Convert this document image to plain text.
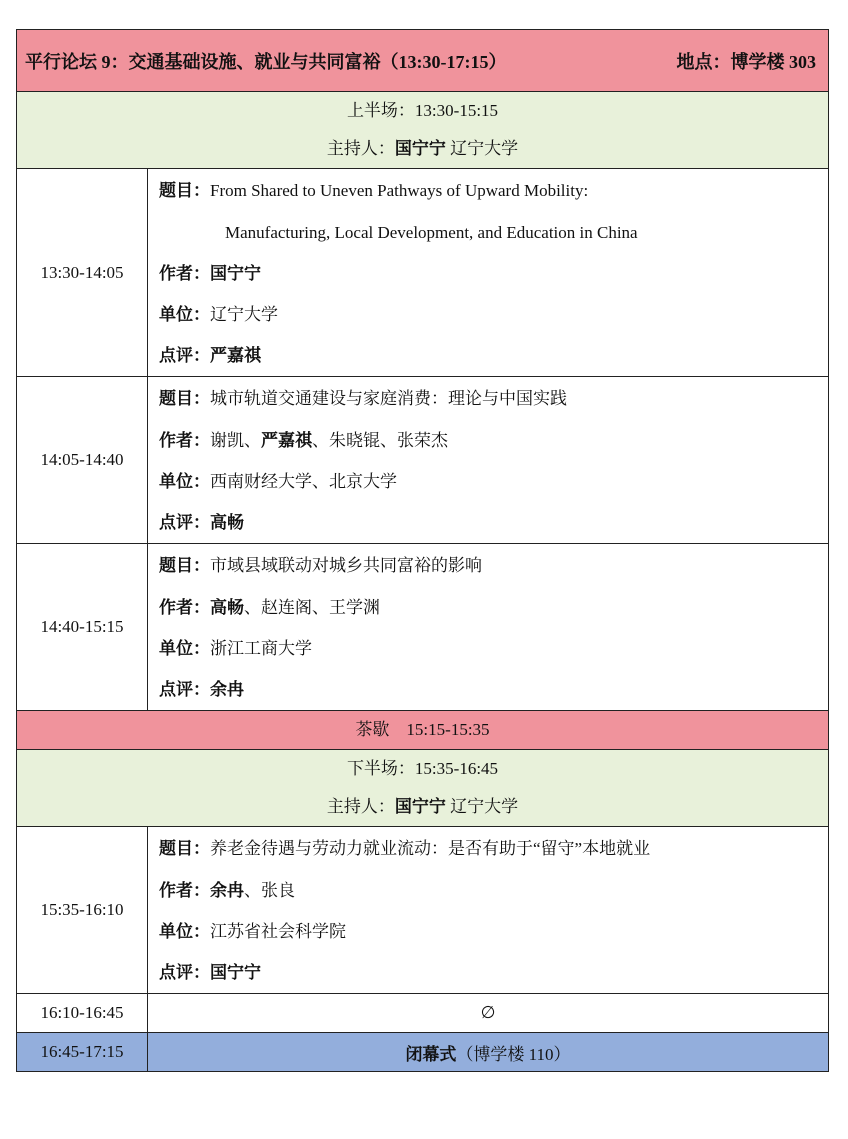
平行论坛 9：交通基础设施、就业与共同富裕（13:30-17:15） 地点：博学楼 303	

上半场：13:30-15:15
主持人：国宁宁 辽宁大学	

13:30-14:05	题目：From Shared to Uneven Pathways of Upward Mobility:
Manufacturing, Local Development, and Education in China
作者：国宁宁
单位：辽宁大学
点评：严嘉祺

14:05-14:40	题目：城市轨道交通建设与家庭消费：理论与中国实践
作者：谢凯、严嘉祺、朱晓锟、张荣杰
单位：西南财经大学、北京大学
点评：高畅

14:40-15:15	题目：市域县域联动对城乡共同富裕的影响
作者：高畅、赵连阁、王学渊
单位：浙江工商大学
点评：余冉

茶歇　15:15-15:35	

下半场：15:35-16:45
主持人：国宁宁 辽宁大学	

15:35-16:10	题目：养老金待遇与劳动力就业流动：是否有助于“留守”本地就业
作者：余冉、张良
单位：江苏省社会科学院
点评：国宁宁

16:10-16:45	∅
16:45-17:15	闭幕式（博学楼 110）
